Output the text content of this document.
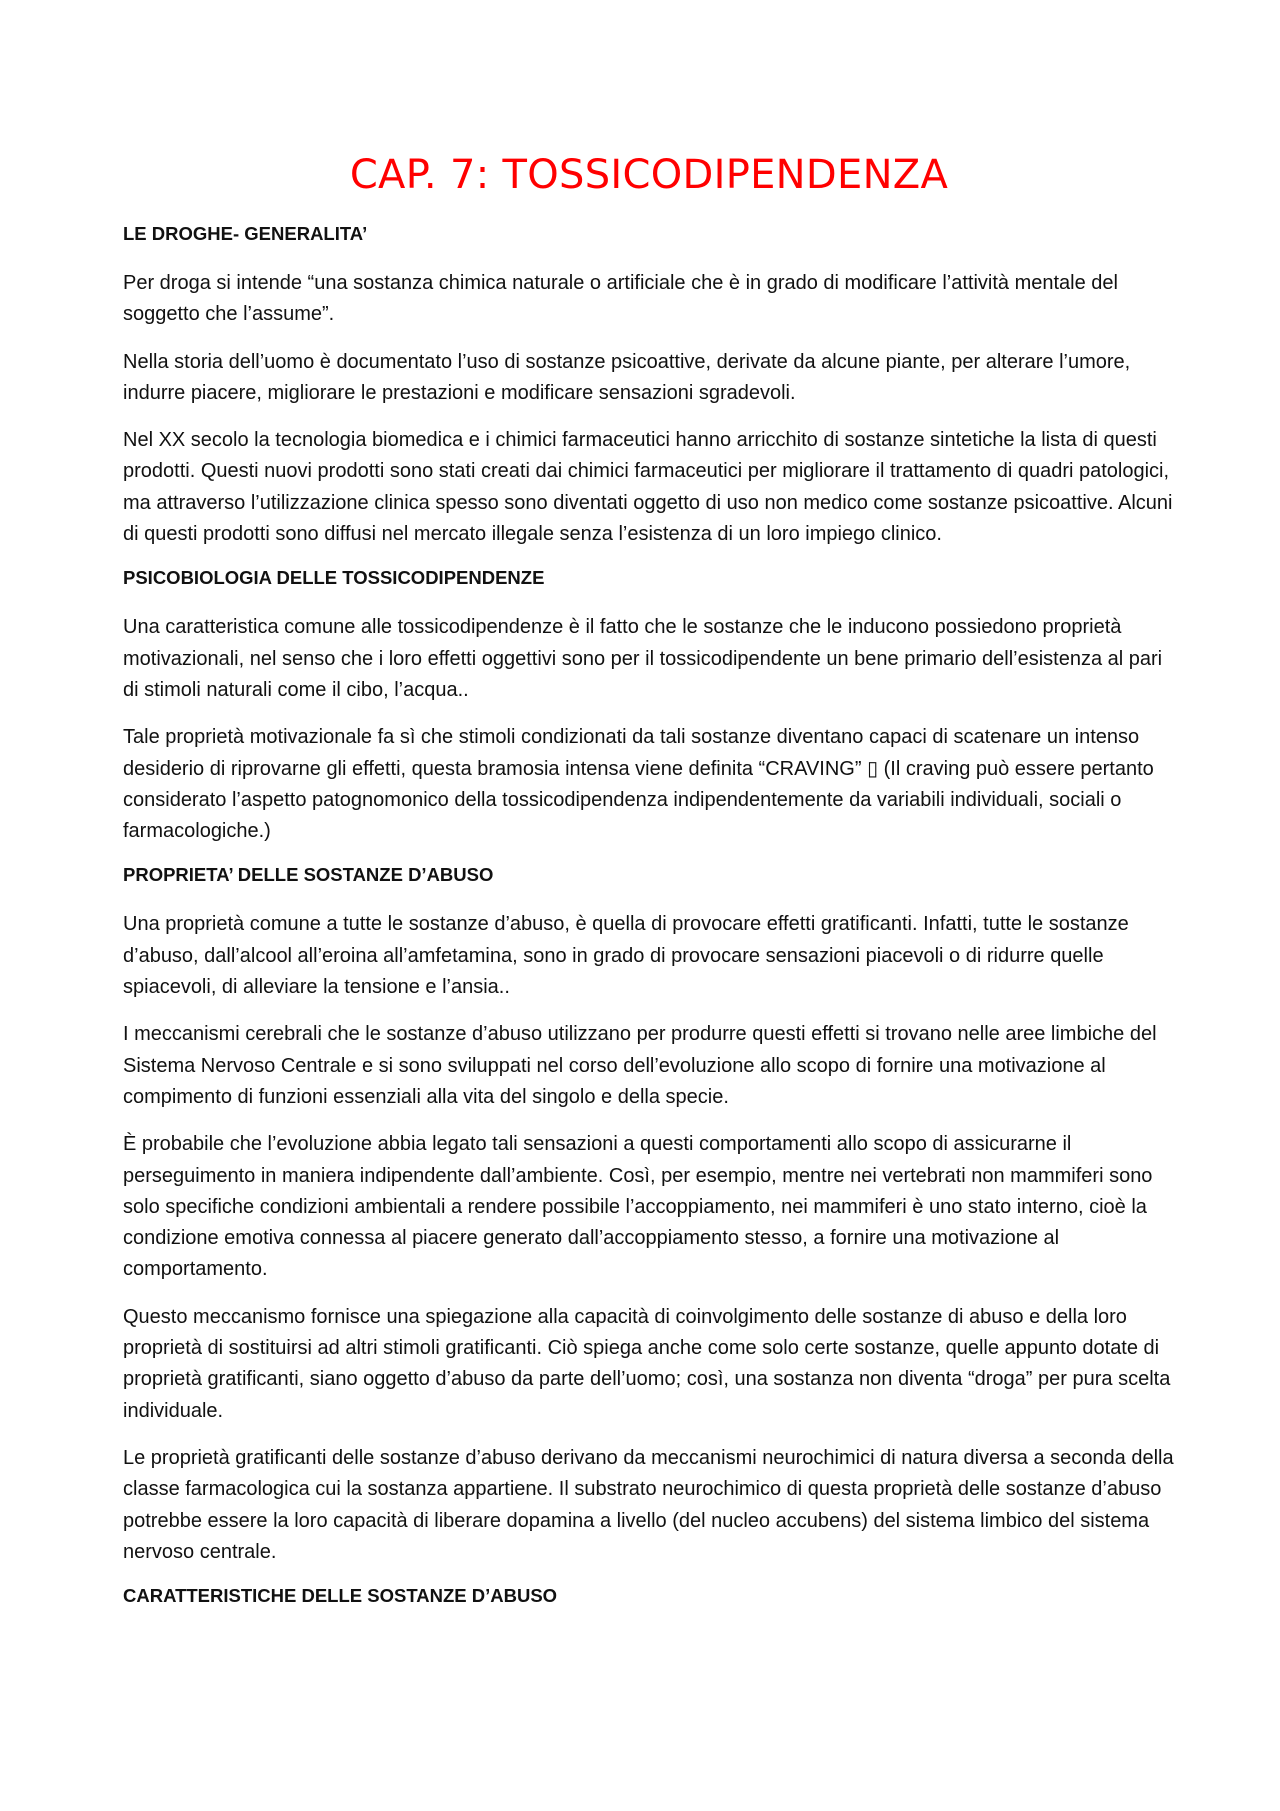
CAP. 7: TOSSICODIPENDENZA
LE DROGHE- GENERALITA’

Per droga si intende “una sostanza chimica naturale o artificiale che è in grado di modificare l’attività mentale del soggetto che l’assume”.

Nella storia dell’uomo è documentato l’uso di sostanze psicoattive, derivate da alcune piante, per alterare l’umore, indurre piacere, migliorare le prestazioni e modificare sensazioni sgradevoli.

Nel XX secolo la tecnologia biomedica e i chimici farmaceutici hanno arricchito di sostanze sintetiche la lista di questi prodotti. Questi nuovi prodotti sono stati creati dai chimici farmaceutici per migliorare il trattamento di quadri patologici, ma attraverso l’utilizzazione clinica spesso sono diventati oggetto di uso non medico come sostanze psicoattive. Alcuni di questi prodotti sono diffusi nel mercato illegale senza l’esistenza di un loro impiego clinico.

PSICOBIOLOGIA DELLE TOSSICODIPENDENZE

Una caratteristica comune alle tossicodipendenze è il fatto che le sostanze che le inducono possiedono proprietà motivazionali, nel senso che i loro effetti oggettivi sono per il tossicodipendente un bene primario dell’esistenza al pari di stimoli naturali come il cibo, l’acqua..

Tale proprietà motivazionale fa sì che stimoli condizionati da tali sostanze diventano capaci di scatenare un intenso desiderio di riprovarne gli effetti, questa bramosia intensa viene definita “CRAVING” ▯ (Il craving può essere pertanto considerato l’aspetto patognomonico della tossicodipendenza indipendentemente da variabili individuali, sociali o farmacologiche.)

PROPRIETA’ DELLE SOSTANZE D’ABUSO

Una proprietà comune a tutte le sostanze d’abuso, è quella di provocare effetti gratificanti. Infatti, tutte le sostanze d’abuso, dall’alcool all’eroina all’amfetamina, sono in grado di provocare sensazioni piacevoli o di ridurre quelle spiacevoli, di alleviare la tensione e l’ansia..

I meccanismi cerebrali che le sostanze d’abuso utilizzano per produrre questi effetti si trovano nelle aree limbiche del Sistema Nervoso Centrale e si sono sviluppati nel corso dell’evoluzione allo scopo di fornire una motivazione al compimento di funzioni essenziali alla vita del singolo e della specie.

È probabile che l’evoluzione abbia legato tali sensazioni a questi comportamenti allo scopo di assicurarne il perseguimento in maniera indipendente dall’ambiente. Così, per esempio, mentre nei vertebrati non mammiferi sono solo specifiche condizioni ambientali a rendere possibile l’accoppiamento, nei mammiferi è uno stato interno, cioè la condizione emotiva connessa al piacere generato dall’accoppiamento stesso, a fornire una motivazione al comportamento.

Questo meccanismo fornisce una spiegazione alla capacità di coinvolgimento delle sostanze di abuso e della loro proprietà di sostituirsi ad altri stimoli gratificanti. Ciò spiega anche come solo certe sostanze, quelle appunto dotate di proprietà gratificanti, siano oggetto d’abuso da parte dell’uomo; così, una sostanza non diventa “droga” per pura scelta individuale.

Le proprietà gratificanti delle sostanze d’abuso derivano da meccanismi neurochimici di natura diversa a seconda della classe farmacologica cui la sostanza appartiene. Il substrato neurochimico di questa proprietà delle sostanze d’abuso potrebbe essere la loro capacità di liberare dopamina a livello (del nucleo accubens) del sistema limbico del sistema nervoso centrale.

CARATTERISTICHE DELLE SOSTANZE D’ABUSO
